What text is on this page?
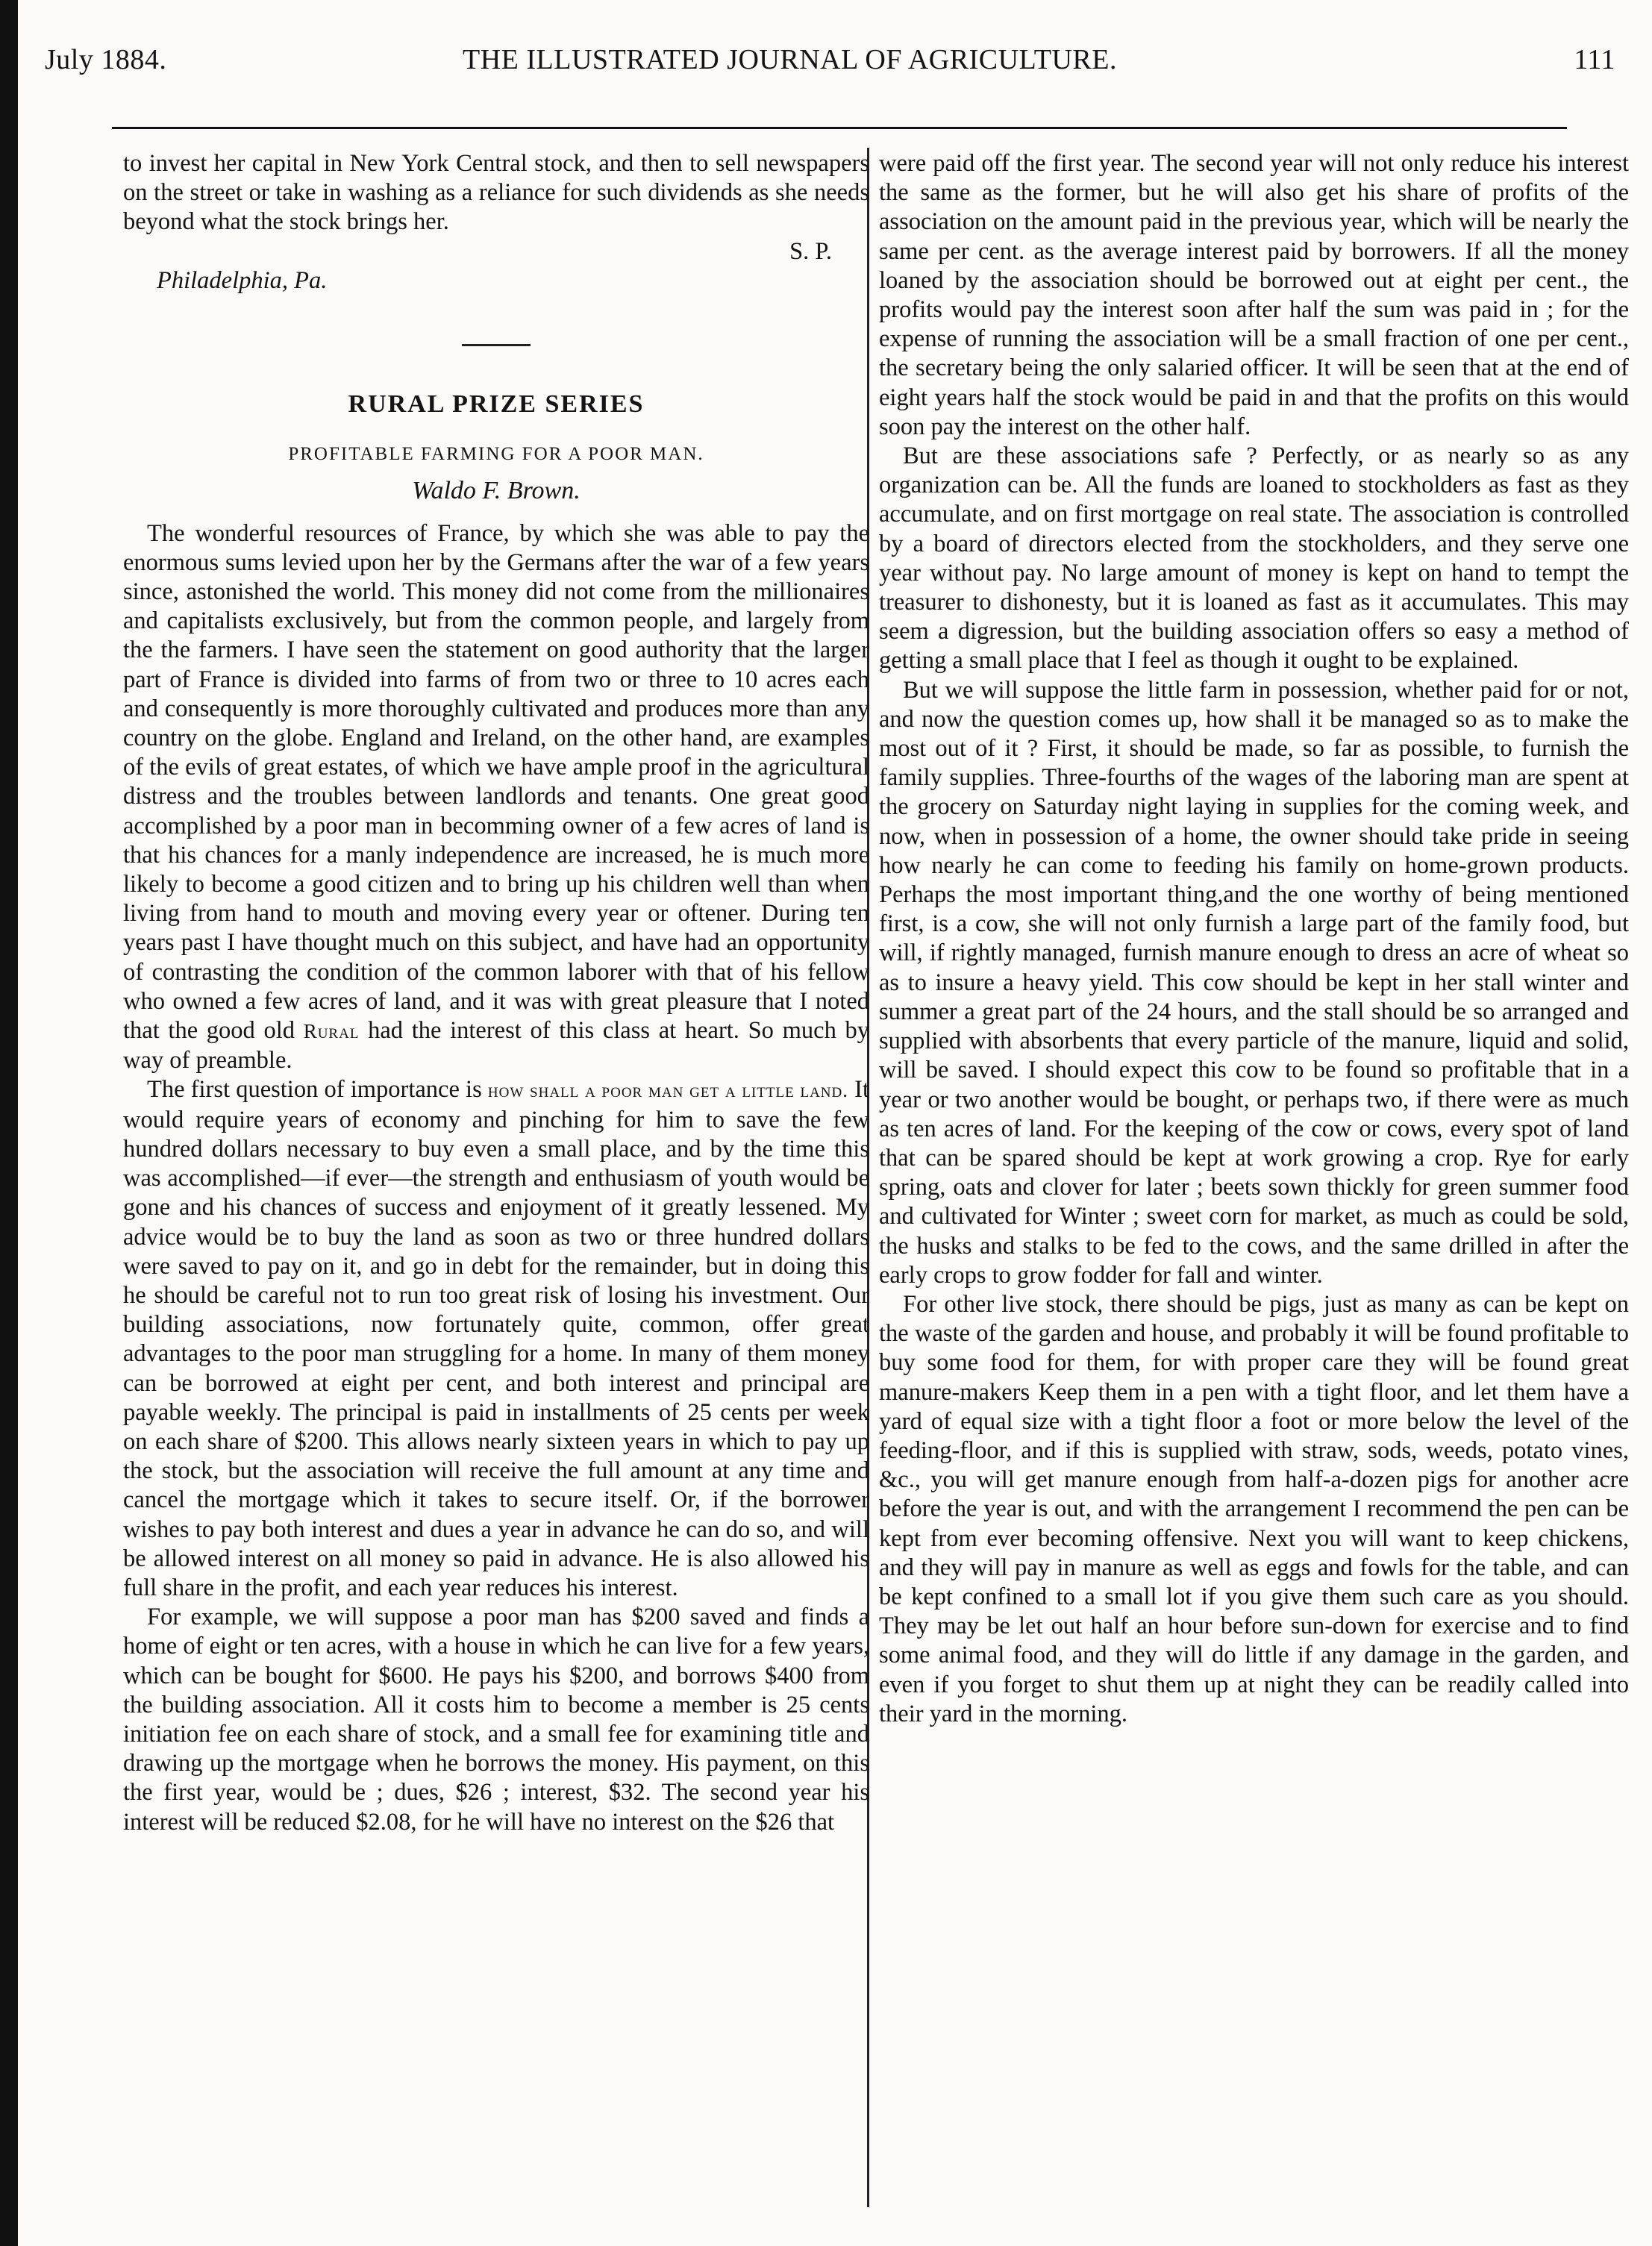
July 1884.	THE ILLUSTRATED JOURNAL OF AGRICULTURE.	111

to invest her capital in New York Central stock, and then to sell newspapers on the street or take in washing as a reliance for such dividends as she needs beyond what the stock brings her.

S. P.
Philadelphia, Pa.
RURAL PRIZE SERIES
PROFITABLE FARMING FOR A POOR MAN.
Waldo F. Brown.

The wonderful resources of France, by which she was able to pay the enormous sums levied upon her by the Germans after the war of a few years since, astonished the world. This money did not come from the millionaires and capitalists exclusively, but from the common people, and largely from the the farmers. I have seen the statement on good authority that the larger part of France is divided into farms of from two or three to 10 acres each and consequently is more thoroughly cultivated and produces more than any country on the globe. England and Ireland, on the other hand, are examples of the evils of great estates, of which we have ample proof in the agricultural distress and the troubles between landlords and tenants. One great good accomplished by a poor man in becomming owner of a few acres of land is that his chances for a manly independence are increased, he is much more likely to become a good citizen and to bring up his children well than when living from hand to mouth and moving every year or oftener. During ten years past I have thought much on this subject, and have had an opportunity of contrasting the condition of the common laborer with that of his fellow who owned a few acres of land, and it was with great pleasure that I noted that the good old Rural had the interest of this class at heart. So much by way of preamble.

The first question of importance is how shall a poor man get a little land. It would require years of economy and pinching for him to save the few hundred dollars necessary to buy even a small place, and by the time this was accomplished—if ever—the strength and enthusiasm of youth would be gone and his chances of success and enjoyment of it greatly lessened. My advice would be to buy the land as soon as two or three hundred dollars were saved to pay on it, and go in debt for the remainder, but in doing this he should be careful not to run too great risk of losing his investment. Our building associations, now fortunately quite, common, offer great advantages to the poor man struggling for a home. In many of them money can be borrowed at eight per cent, and both interest and principal are payable weekly. The principal is paid in installments of 25 cents per week on each share of $200. This allows nearly sixteen years in which to pay up the stock, but the association will receive the full amount at any time and cancel the mortgage which it takes to secure itself. Or, if the borrower wishes to pay both interest and dues a year in advance he can do so, and will be allowed interest on all money so paid in advance. He is also allowed his full share in the profit, and each year reduces his interest.

For example, we will suppose a poor man has $200 saved and finds a home of eight or ten acres, with a house in which he can live for a few years, which can be bought for $600. He pays his $200, and borrows $400 from the building association. All it costs him to become a member is 25 cents initiation fee on each share of stock, and a small fee for examining title and drawing up the mortgage when he borrows the money. His payment, on this the first year, would be ; dues, $26 ; interest, $32. The second year his interest will be reduced $2.08, for he will have no interest on the $26 that

were paid off the first year. The second year will not only reduce his interest the same as the former, but he will also get his share of profits of the association on the amount paid in the previous year, which will be nearly the same per cent. as the average interest paid by borrowers. If all the money loaned by the association should be borrowed out at eight per cent., the profits would pay the interest soon after half the sum was paid in ; for the expense of running the association will be a small fraction of one per cent., the secretary being the only salaried officer. It will be seen that at the end of eight years half the stock would be paid in and that the profits on this would soon pay the interest on the other half.

But are these associations safe ? Perfectly, or as nearly so as any organization can be. All the funds are loaned to stockholders as fast as they accumulate, and on first mortgage on real state. The association is controlled by a board of directors elected from the stockholders, and they serve one year without pay. No large amount of money is kept on hand to tempt the treasurer to dishonesty, but it is loaned as fast as it accumulates. This may seem a digression, but the building association offers so easy a method of getting a small place that I feel as though it ought to be explained.

But we will suppose the little farm in possession, whether paid for or not, and now the question comes up, how shall it be managed so as to make the most out of it ? First, it should be made, so far as possible, to furnish the family supplies. Three-fourths of the wages of the laboring man are spent at the grocery on Saturday night laying in supplies for the coming week, and now, when in possession of a home, the owner should take pride in seeing how nearly he can come to feeding his family on home-grown products. Perhaps the most important thing,and the one worthy of being mentioned first, is a cow, she will not only furnish a large part of the family food, but will, if rightly managed, furnish manure enough to dress an acre of wheat so as to insure a heavy yield. This cow should be kept in her stall winter and summer a great part of the 24 hours, and the stall should be so arranged and supplied with absorbents that every particle of the manure, liquid and solid, will be saved. I should expect this cow to be found so profitable that in a year or two another would be bought, or perhaps two, if there were as much as ten acres of land. For the keeping of the cow or cows, every spot of land that can be spared should be kept at work growing a crop. Rye for early spring, oats and clover for later ; beets sown thickly for green summer food and cultivated for Winter ; sweet corn for market, as much as could be sold, the husks and stalks to be fed to the cows, and the same drilled in after the early crops to grow fodder for fall and winter.

For other live stock, there should be pigs, just as many as can be kept on the waste of the garden and house, and probably it will be found profitable to buy some food for them, for with proper care they will be found great manure-makers Keep them in a pen with a tight floor, and let them have a yard of equal size with a tight floor a foot or more below the level of the feeding-floor, and if this is supplied with straw, sods, weeds, potato vines, &c., you will get manure enough from half-a-dozen pigs for another acre before the year is out, and with the arrangement I recommend the pen can be kept from ever becoming offensive. Next you will want to keep chickens, and they will pay in manure as well as eggs and fowls for the table, and can be kept confined to a small lot if you give them such care as you should. They may be let out half an hour before sun-down for exercise and to find some animal food, and they will do little if any damage in the garden, and even if you forget to shut them up at night they can be readily called into their yard in the morning.
